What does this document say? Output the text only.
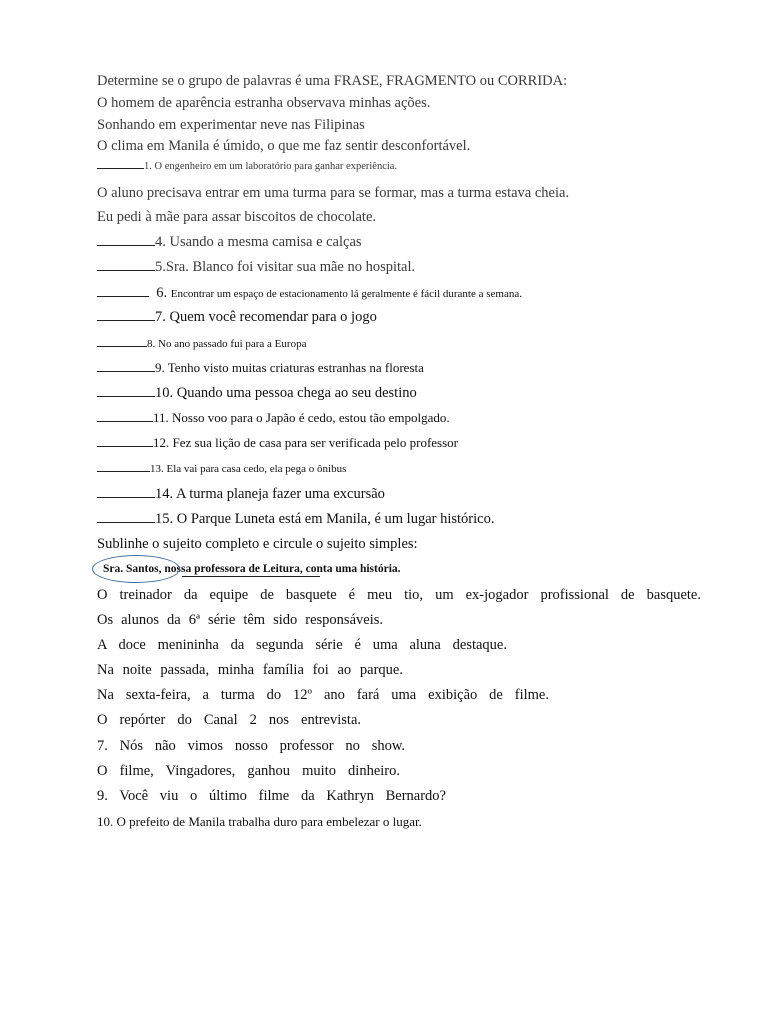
Determine se o grupo de palavras é uma FRASE, FRAGMENTO ou CORRIDA:
O homem de aparência estranha observava minhas ações.
Sonhando em experimentar neve nas Filipinas
O clima em Manila é úmido, o que me faz sentir desconfortável.
1. O engenheiro em um laboratório para ganhar experiência.
O aluno precisava entrar em uma turma para se formar, mas a turma estava cheia.
Eu pedi à mãe para assar biscoitos de chocolate.
4. Usando a mesma camisa e calças
5.Sra. Blanco foi visitar sua mãe no hospital.
6. Encontrar um espaço de estacionamento lá geralmente é fácil durante a semana.
7. Quem você recomendar para o jogo
8. No ano passado fui para a Europa
9. Tenho visto muitas criaturas estranhas na floresta
10. Quando uma pessoa chega ao seu destino
11. Nosso voo para o Japão é cedo, estou tão empolgado.
12. Fez sua lição de casa para ser verificada pelo professor
13. Ela vai para casa cedo, ela pega o ônibus
14. A turma planeja fazer uma excursão
15. O Parque Luneta está em Manila, é um lugar histórico.
Sublinhe o sujeito completo e circule o sujeito simples:
Sra. Santos, nossa professora de Leitura, conta uma história.
O treinador da equipe de basquete é meu tio, um ex-jogador profissional de basquete.
Os alunos da 6ª série têm sido responsáveis.
A doce menininha da segunda série é uma aluna destaque.
Na noite passada, minha família foi ao parque.
Na sexta-feira, a turma do 12º ano fará uma exibição de filme.
O repórter do Canal 2 nos entrevista.
7. Nós não vimos nosso professor no show.
O filme, Vingadores, ganhou muito dinheiro.
9. Você viu o último filme da Kathryn Bernardo?
10. O prefeito de Manila trabalha duro para embelezar o lugar.
